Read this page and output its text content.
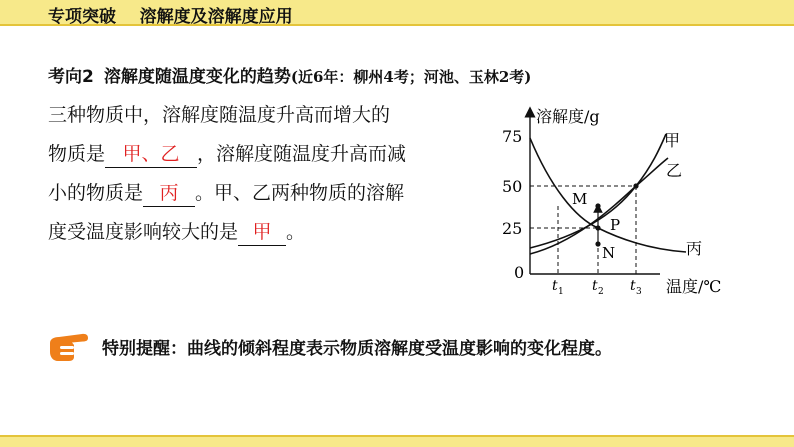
专项突破    溶解度及溶解度应用
考向2 溶解度随温度变化的趋势(近6年：柳州4考；河池、玉林2考)
三种物质中，溶解度随温度升高而增大的
物质是 甲、乙 ，溶解度随温度升高而减
小的物质是 丙 。甲、乙两种物质的溶解
度受温度影响较大的是 甲 。
溶解度/g
75
50
25
0
t 1 t 2 t 3 温度/℃
甲
乙
丙
M
P
N
特别提醒：曲线的倾斜程度表示物质溶解度受温度影响的变化程度。
